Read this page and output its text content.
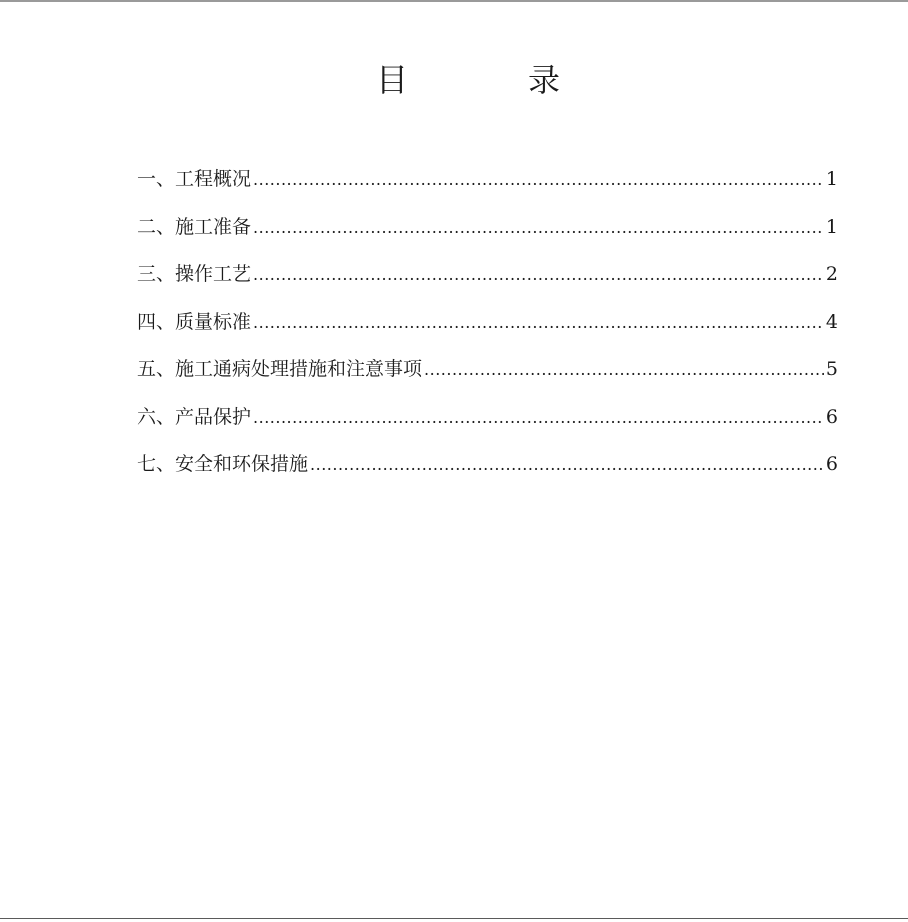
目　录
一、工程概况 .....	1
二、施工准备 .....	1
三、操作工艺 .....	2
四、质量标准 .....	4
五、施工通病处理措施和注意事项 .....	5
六、产品保护 .....	6
七、安全和环保措施 .....	6
